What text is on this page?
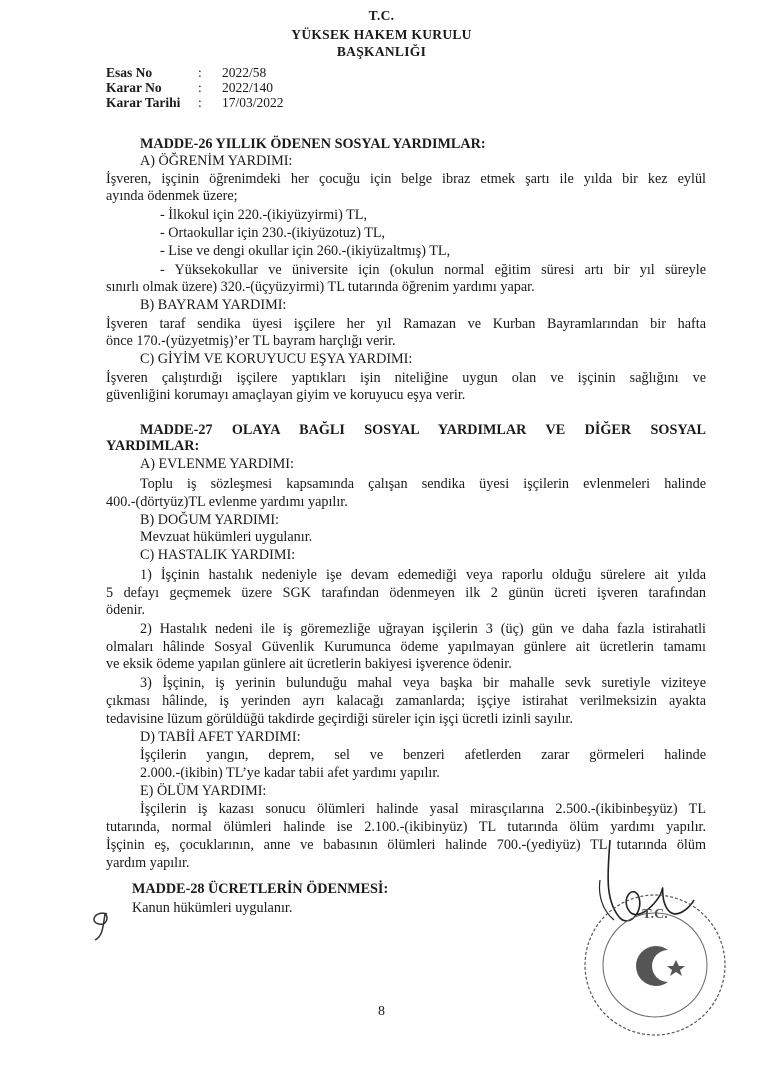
T.C.
YÜKSEK HAKEM KURULU
BAŞKANLIĞI
Esas No	:	2022/58
Karar No	:	2022/140
Karar Tarihi	:	17/03/2022
MADDE-26 YILLIK ÖDENEN SOSYAL YARDIMLAR:
A) ÖĞRENİM YARDIMI:
İşveren, işçinin öğrenimdeki her çocuğu için belge ibraz etmek şartı ile yılda bir kez eylül
ayında ödenmek üzere;
- İlkokul için 220.-(ikiyüzyirmi) TL,
- Ortaokullar için 230.-(ikiyüzotuz) TL,
- Lise ve dengi okullar için 260.-(ikiyüzaltmış) TL,
- Yüksekokullar ve üniversite için (okulun normal eğitim süresi artı bir yıl süreyle
sınırlı olmak üzere) 320.-(üçyüzyirmi) TL tutarında öğrenim yardımı yapar.
B) BAYRAM YARDIMI:
İşveren taraf sendika üyesi işçilere her yıl Ramazan ve Kurban Bayramlarından bir hafta
önce 170.-(yüzyetmiş)’er TL bayram harçlığı verir.
C) GİYİM VE KORUYUCU EŞYA YARDIMI:
İşveren çalıştırdığı işçilere yaptıkları işin niteliğine uygun olan ve işçinin sağlığını ve
güvenliğini korumayı amaçlayan giyim ve koruyucu eşya verir.
MADDE-27 OLAYA BAĞLI SOSYAL YARDIMLAR VE DİĞER SOSYAL
YARDIMLAR:
A) EVLENME YARDIMI:
Toplu iş sözleşmesi kapsamında çalışan sendika üyesi işçilerin evlenmeleri halinde
400.-(dörtyüz)TL evlenme yardımı yapılır.
B) DOĞUM YARDIMI:
Mevzuat hükümleri uygulanır.
C) HASTALIK YARDIMI:
1) İşçinin hastalık nedeniyle işe devam edemediği veya raporlu olduğu sürelere ait yılda
5 defayı geçmemek üzere SGK tarafından ödenmeyen ilk 2 günün ücreti işveren tarafından
ödenir.
2) Hastalık nedeni ile iş göremezliğe uğrayan işçilerin 3 (üç) gün ve daha fazla istirahatli
olmaları hâlinde Sosyal Güvenlik Kurumunca ödeme yapılmayan günlere ait ücretlerin tamamı
ve eksik ödeme yapılan günlere ait ücretlerin bakiyesi işverence ödenir.
3) İşçinin, iş yerinin bulunduğu mahal veya başka bir mahalle sevk suretiyle viziteye
çıkması hâlinde, iş yerinden ayrı kalacağı zamanlarda; işçiye istirahat verilmeksizin ayakta
tedavisine lüzum görüldüğü takdirde geçirdiği süreler için işçi ücretli izinli sayılır.
D) TABİİ AFET YARDIMI:
İşçilerin yangın, deprem, sel ve benzeri afetlerden zarar görmeleri halinde
2.000.-(ikibin) TL’ye kadar tabii afet yardımı yapılır.
E) ÖLÜM YARDIMI:
İşçilerin iş kazası sonucu ölümleri halinde yasal mirasçılarına 2.500.-(ikibinbeşyüz) TL
tutarında, normal ölümleri halinde ise 2.100.-(ikibinyüz) TL tutarında ölüm yardımı yapılır.
İşçinin eş, çocuklarının, anne ve babasının ölümleri halinde 700.-(yediyüz) TL tutarında ölüm
yardım yapılır.
MADDE-28 ÜCRETLERİN ÖDENMESİ:
Kanun hükümleri uygulanır.	T.C.
8
